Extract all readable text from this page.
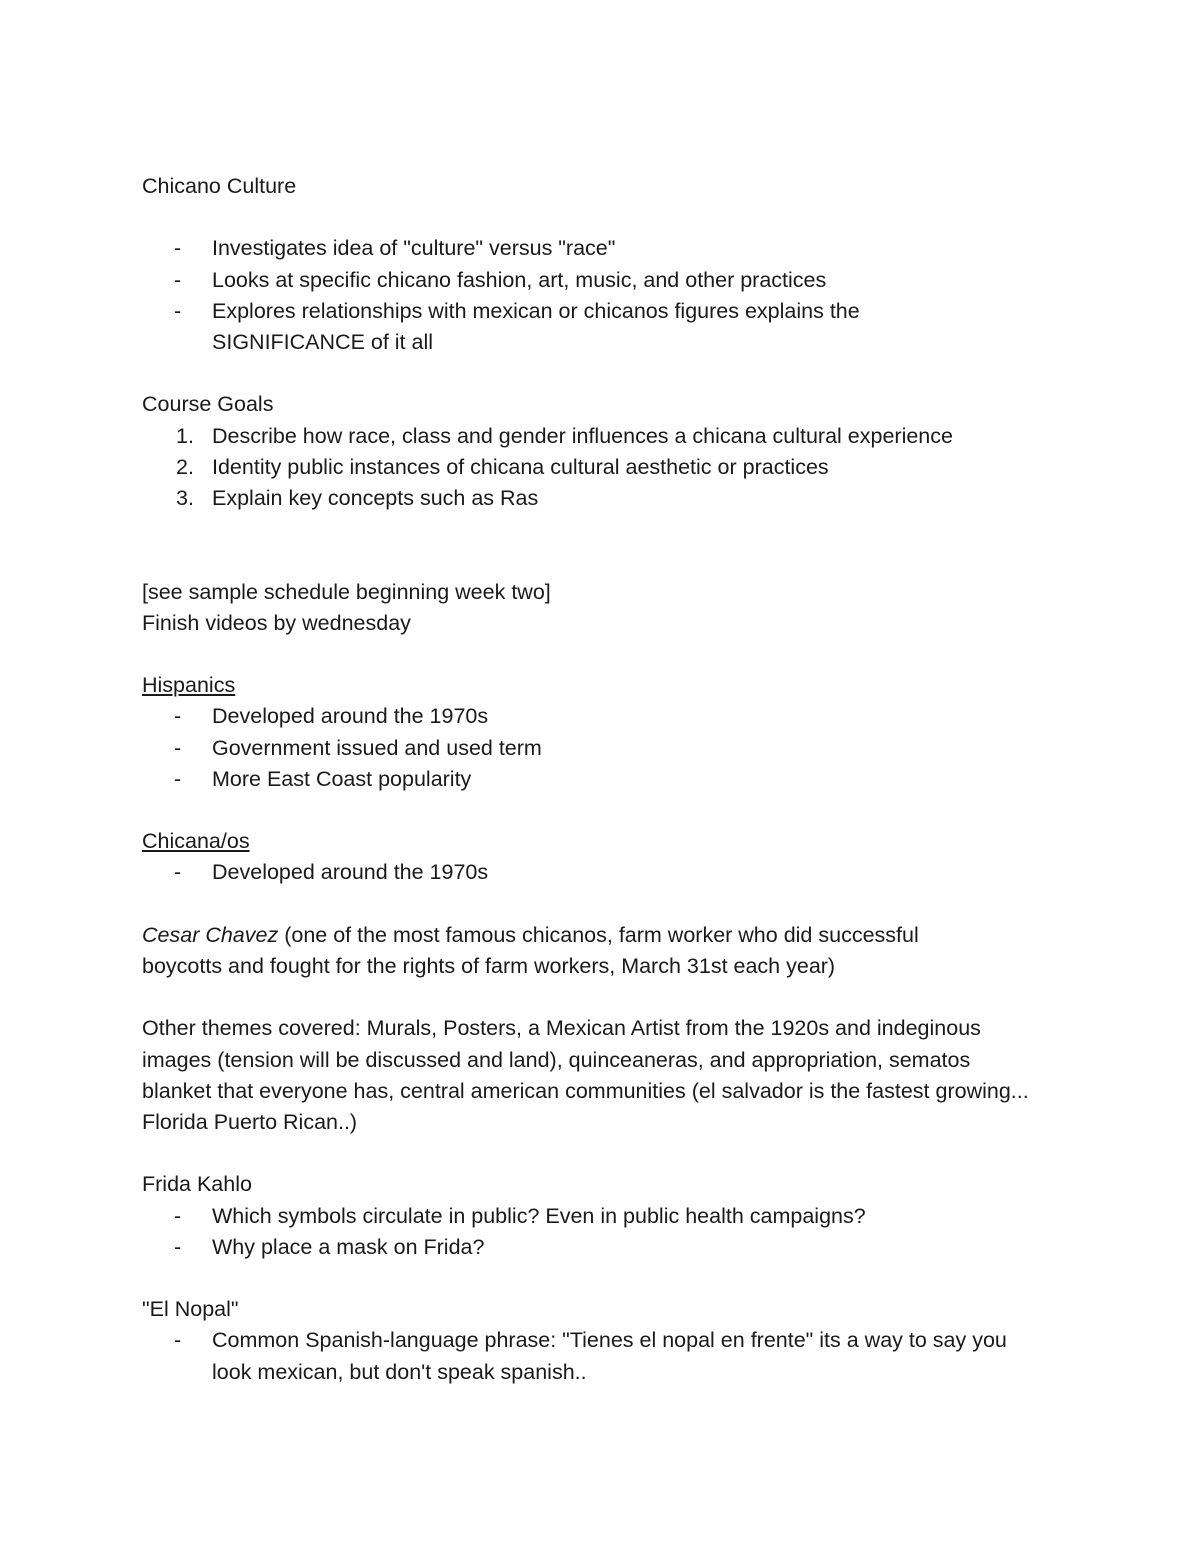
Chicano Culture

-	Investigates idea of "culture" versus "race"
-	Looks at specific chicano fashion, art, music, and other practices
-	Explores relationships with mexican or chicanos figures explains the SIGNIFICANCE of it all

Course Goals

1. Describe how race, class and gender influences a chicana cultural experience
2. Identity public instances of chicana cultural aesthetic or practices
3. Explain key concepts such as Ras

[see sample schedule beginning week two]

Finish videos by wednesday

Hispanics

-	Developed around the 1970s
-	Government issued and used term
-	More East Coast popularity

Chicana/os

-	Developed around the 1970s

Cesar Chavez (one of the most famous chicanos, farm worker who did successful boycotts and fought for the rights of farm workers, March 31st each year)

Other themes covered: Murals, Posters, a Mexican Artist from the 1920s and indeginous images (tension will be discussed and land), quinceaneras, and appropriation, sematos blanket that everyone has, central american communities (el salvador is the fastest growing... Florida Puerto Rican..)

Frida Kahlo

-	Which symbols circulate in public? Even in public health campaigns?
-	Why place a mask on Frida?

"El Nopal"

-	Common Spanish-language phrase: "Tienes el nopal en frente" its a way to say you look mexican, but don't speak spanish..
